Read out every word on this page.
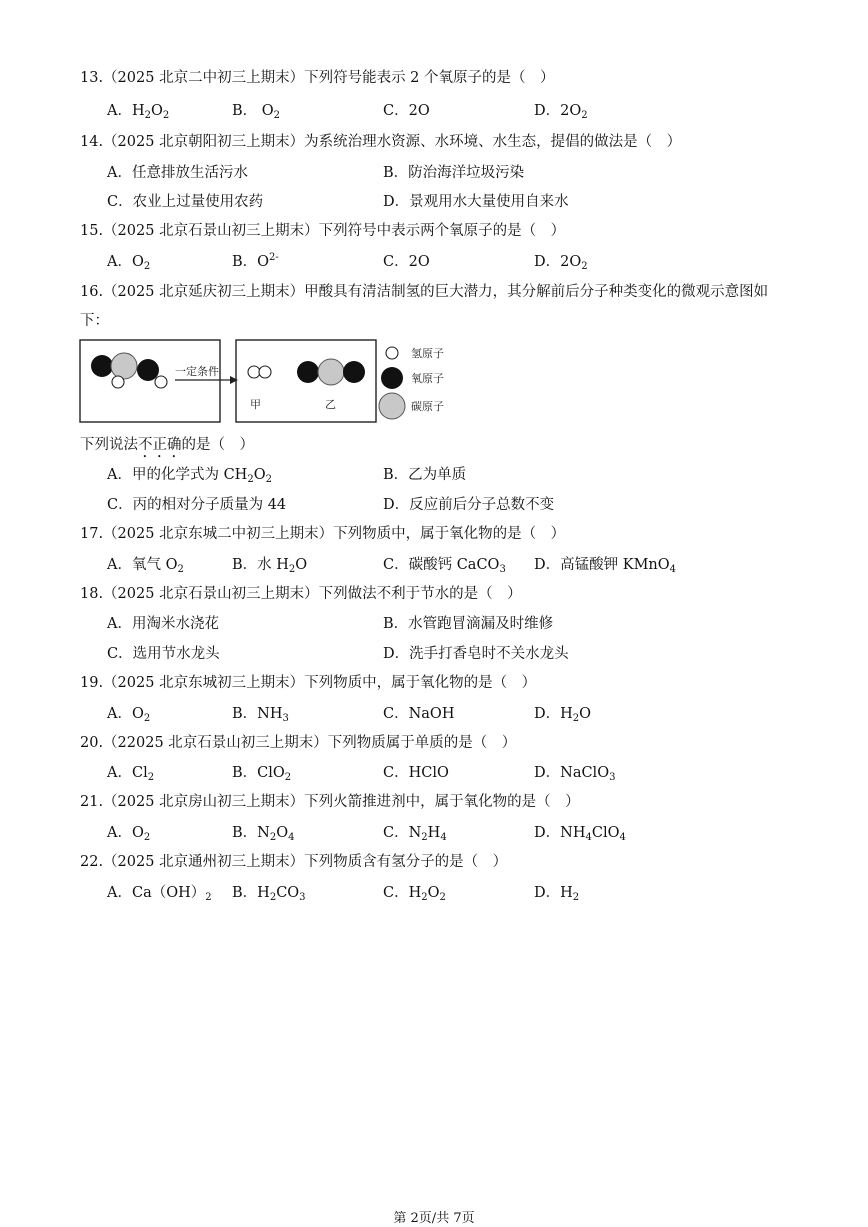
13.（2025 北京二中初三上期末）下列符号能表示 2 个氧原子的是（　）
A．$H_2O_2$	B． $O_2$	C．2O	D．$2O_2$
14.（2025 北京朝阳初三上期末）为系统治理水资源、水环境、水生态，提倡的做法是（　）
A．任意排放生活污水	B．防治海洋垃圾污染
C．农业上过量使用农药	D．景观用水大量使用自来水
15.（2025 北京石景山初三上期末）下列符号中表示两个氧原子的是（　）
A．$O_2$	B．$O^{2-}$	C．2O	D．$2O_2$
16.（2025 北京延庆初三上期末）甲酸具有清洁制氢的巨大潜力，其分解前后分子种类变化的微观示意图如
下：
一定条件
甲	乙
氢原子
氧原子
碳原子
下列说法不正确的是（　）
A．甲的化学式为 $CH_2O_2$	B．乙为单质
C．丙的相对分子质量为 44	D．反应前后分子总数不变
17.（2025 北京东城二中初三上期末）下列物质中，属于氧化物的是（　）
A．氧气 $O_2$	B．水 $H_2O$	C．碳酸钙 CaCO$_3$ D．高锰酸钾 KMnO$_4$
18.（2025 北京石景山初三上期末）下列做法不利于节水的是（　）
A．用淘米水浇花	B．水管跑冒滴漏及时维修
C．选用节水龙头	D．洗手打香皂时不关水龙头
19.（2025 北京东城初三上期末）下列物质中，属于氧化物的是（　）
A．$O_2$	B．$NH_3$	C．NaOH	D．$H_2O$
20.（22025 北京石景山初三上期末）下列物质属于单质的是（　）
A．$Cl_2$	B．ClO$_2$	C．HClO	D．NaClO$_3$
21.（2025 北京房山初三上期末）下列火箭推进剂中，属于氧化物的是（　）
A．$O_2$	B．$N_2O_4$	C．$N_2H_4$	D．$NH_4ClO_4$
22.（2025 北京通州初三上期末）下列物质含有氢分子的是（　）
A．$Ca(OH)_2$ B．$H_2CO_3$	C．$H_2O_2$	D．$H_2$
第 2页/共 7页
